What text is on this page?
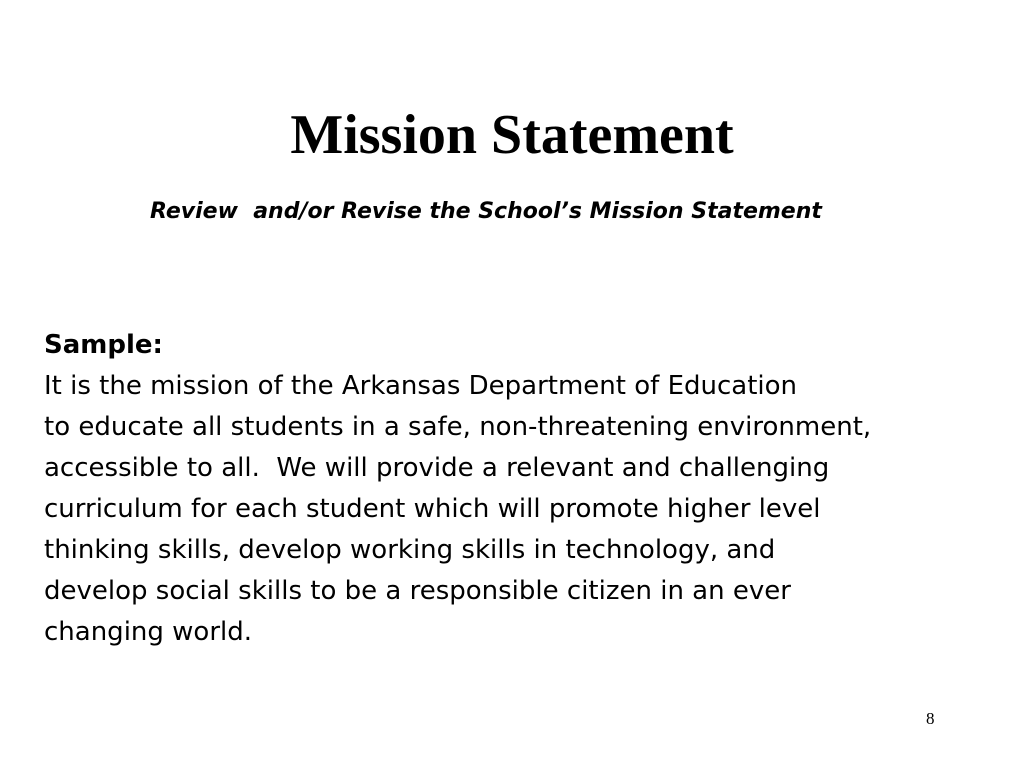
Mission Statement
Review  and/or Revise the School’s Mission Statement
Sample:
It is the mission of the Arkansas Department of Education
to educate all students in a safe, non-threatening environment,
accessible to all.  We will provide a relevant and challenging
curriculum for each student which will promote higher level
thinking skills, develop working skills in technology, and
develop social skills to be a responsible citizen in an ever
changing world.
8
